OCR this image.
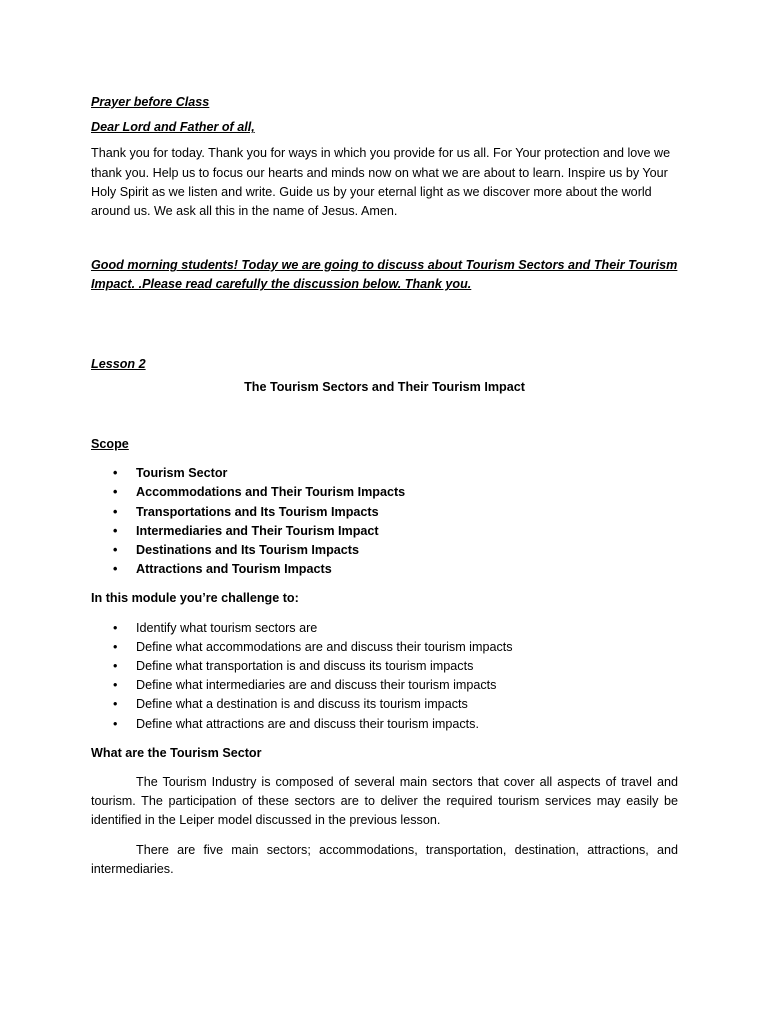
Prayer before Class

Dear Lord and Father of all,

Thank you for today. Thank you for ways in which you provide for us all. For Your protection and love we thank you. Help us to focus our hearts and minds now on what we are about to learn. Inspire us by Your Holy Spirit as we listen and write. Guide us by your eternal light as we discover more about the world around us. We ask all this in the name of Jesus. Amen.

Good morning students! Today we are going to discuss about Tourism Sectors and Their Tourism Impact. .Please read carefully the discussion below. Thank you.

Lesson 2

The Tourism Sectors and Their Tourism Impact

Scope

• Tourism Sector
• Accommodations and Their Tourism Impacts
• Transportations and Its Tourism Impacts
• Intermediaries and Their Tourism Impact
• Destinations and Its Tourism Impacts
• Attractions and Tourism Impacts

In this module you’re challenge to:

• Identify what tourism sectors are
• Define what accommodations are and discuss their tourism impacts
• Define what transportation is and discuss its tourism impacts
• Define what intermediaries are and discuss their tourism impacts
• Define what a destination is and discuss its tourism impacts
• Define what attractions are and discuss their tourism impacts.

What are the Tourism Sector

The Tourism Industry is composed of several main sectors that cover all aspects of travel and tourism. The participation of these sectors are to deliver the required tourism services may easily be identified in the Leiper model discussed in the previous lesson.

There are five main sectors; accommodations, transportation, destination, attractions, and intermediaries.
